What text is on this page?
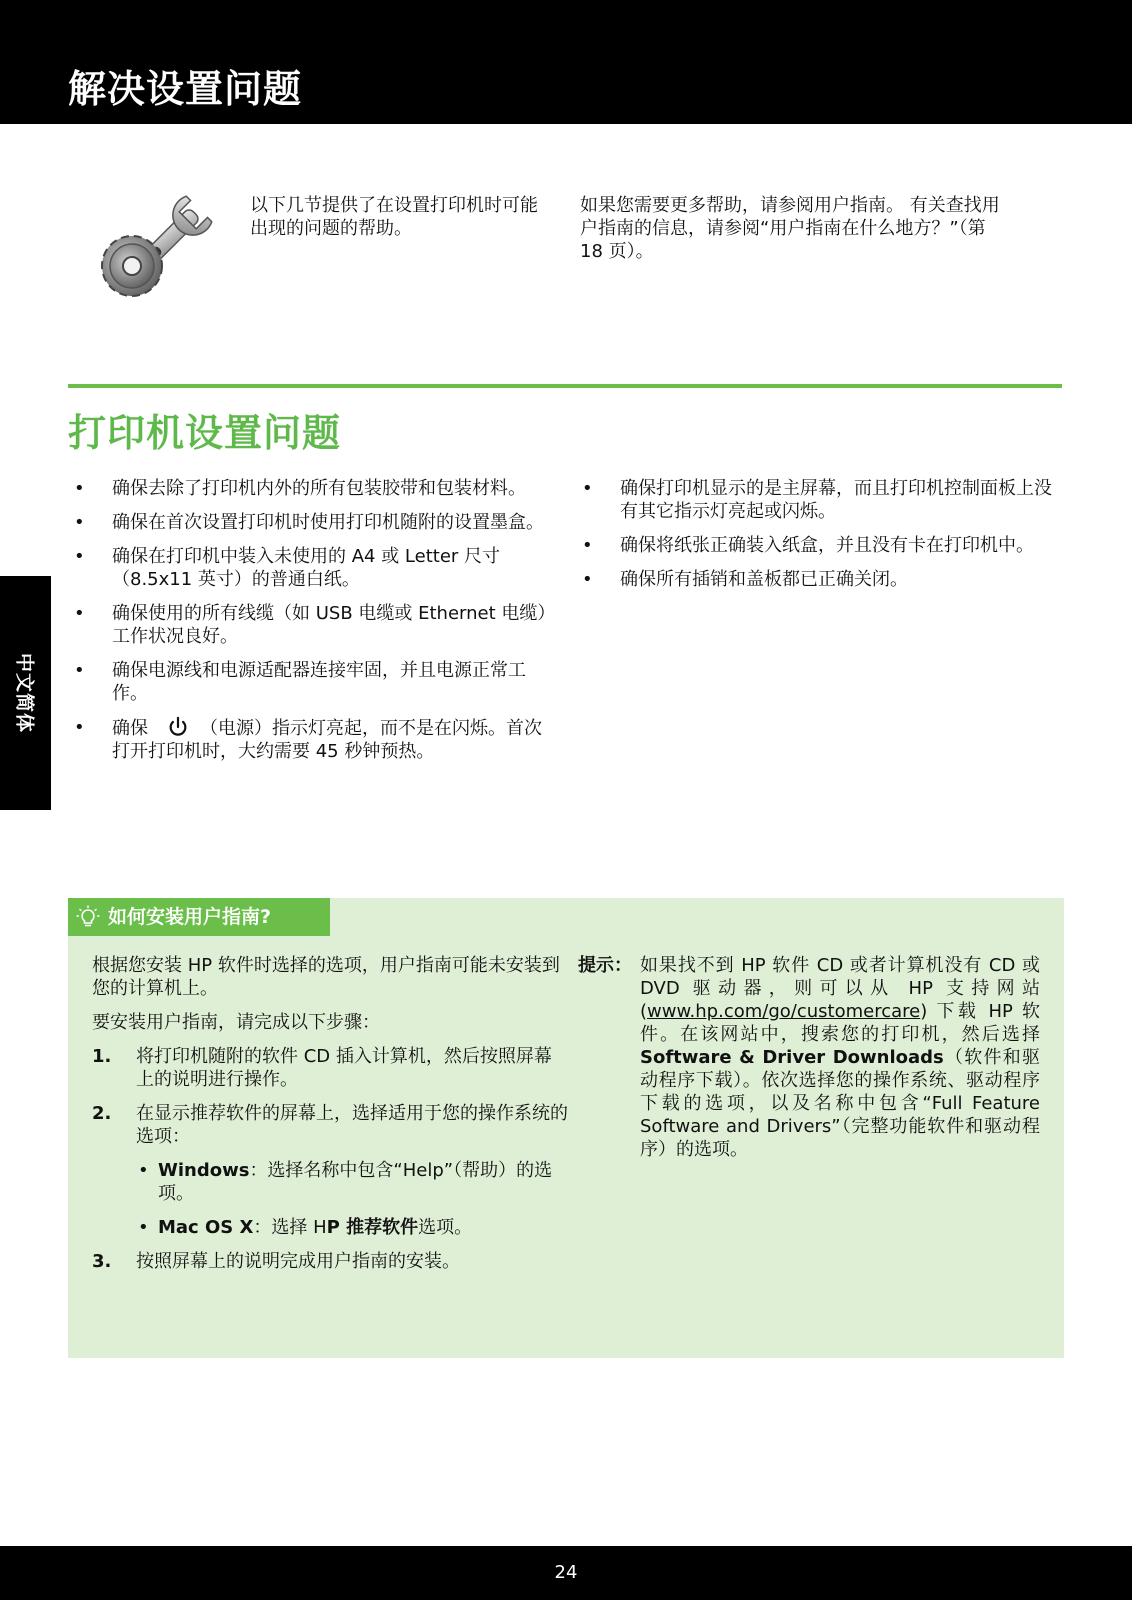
解决设置问题
以下几节提供了在设置打印机时可能出现的问题的帮助。
如果您需要更多帮助，请参阅用户指南。 有关查找用户指南的信息，请参阅“用户指南在什么地方？”（第 18 页）。
打印机设置问题
• 确保去除了打印机内外的所有包装胶带和包装材料。
• 确保在首次设置打印机时使用打印机随附的设置墨盒。
• 确保在打印机中装入未使用的 A4 或 Letter 尺寸（8.5x11 英寸）的普通白纸。
• 确保使用的所有线缆（如 USB 电缆或 Ethernet 电缆）工作状况良好。
• 确保电源线和电源适配器连接牢固，并且电源正常工作。
• 确保	（电源）指示灯亮起，而不是在闪烁。首次打开打印机时，大约需要 45 秒钟预热。
• 确保打印机显示的是主屏幕，而且打印机控制面板上没有其它指示灯亮起或闪烁。
• 确保将纸张正确装入纸盒，并且没有卡在打印机中。
• 确保所有插销和盖板都已正确关闭。
中文简体
如何安装用户指南?

根据您安装 HP 软件时选择的选项，用户指南可能未安装到您的计算机上。

要安装用户指南，请完成以下步骤：

1. 将打印机随附的软件 CD 插入计算机，然后按照屏幕上的说明进行操作。
2. 在显示推荐软件的屏幕上，选择适用于您的操作系统的选项：
• Windows：选择名称中包含“Help”（帮助）的选项。
• Mac OS X：选择 HP 推荐软件选项。
3. 按照屏幕上的说明完成用户指南的安装。
提示： 如果找不到 HP 软件 CD 或者计算机没有 CD 或 DVD 驱动器，则可以从 HP 支持网站 (www.hp.com/go/customercare) 下载 HP 软件。在该网站中，搜索您的打印机，然后选择 Software & Driver Downloads（软件和驱动程序下载）。依次选择您的操作系统、驱动程序下载的选项，以及名称中包含“Full Feature Software and Drivers”（完整功能软件和驱动程序）的选项。
24
